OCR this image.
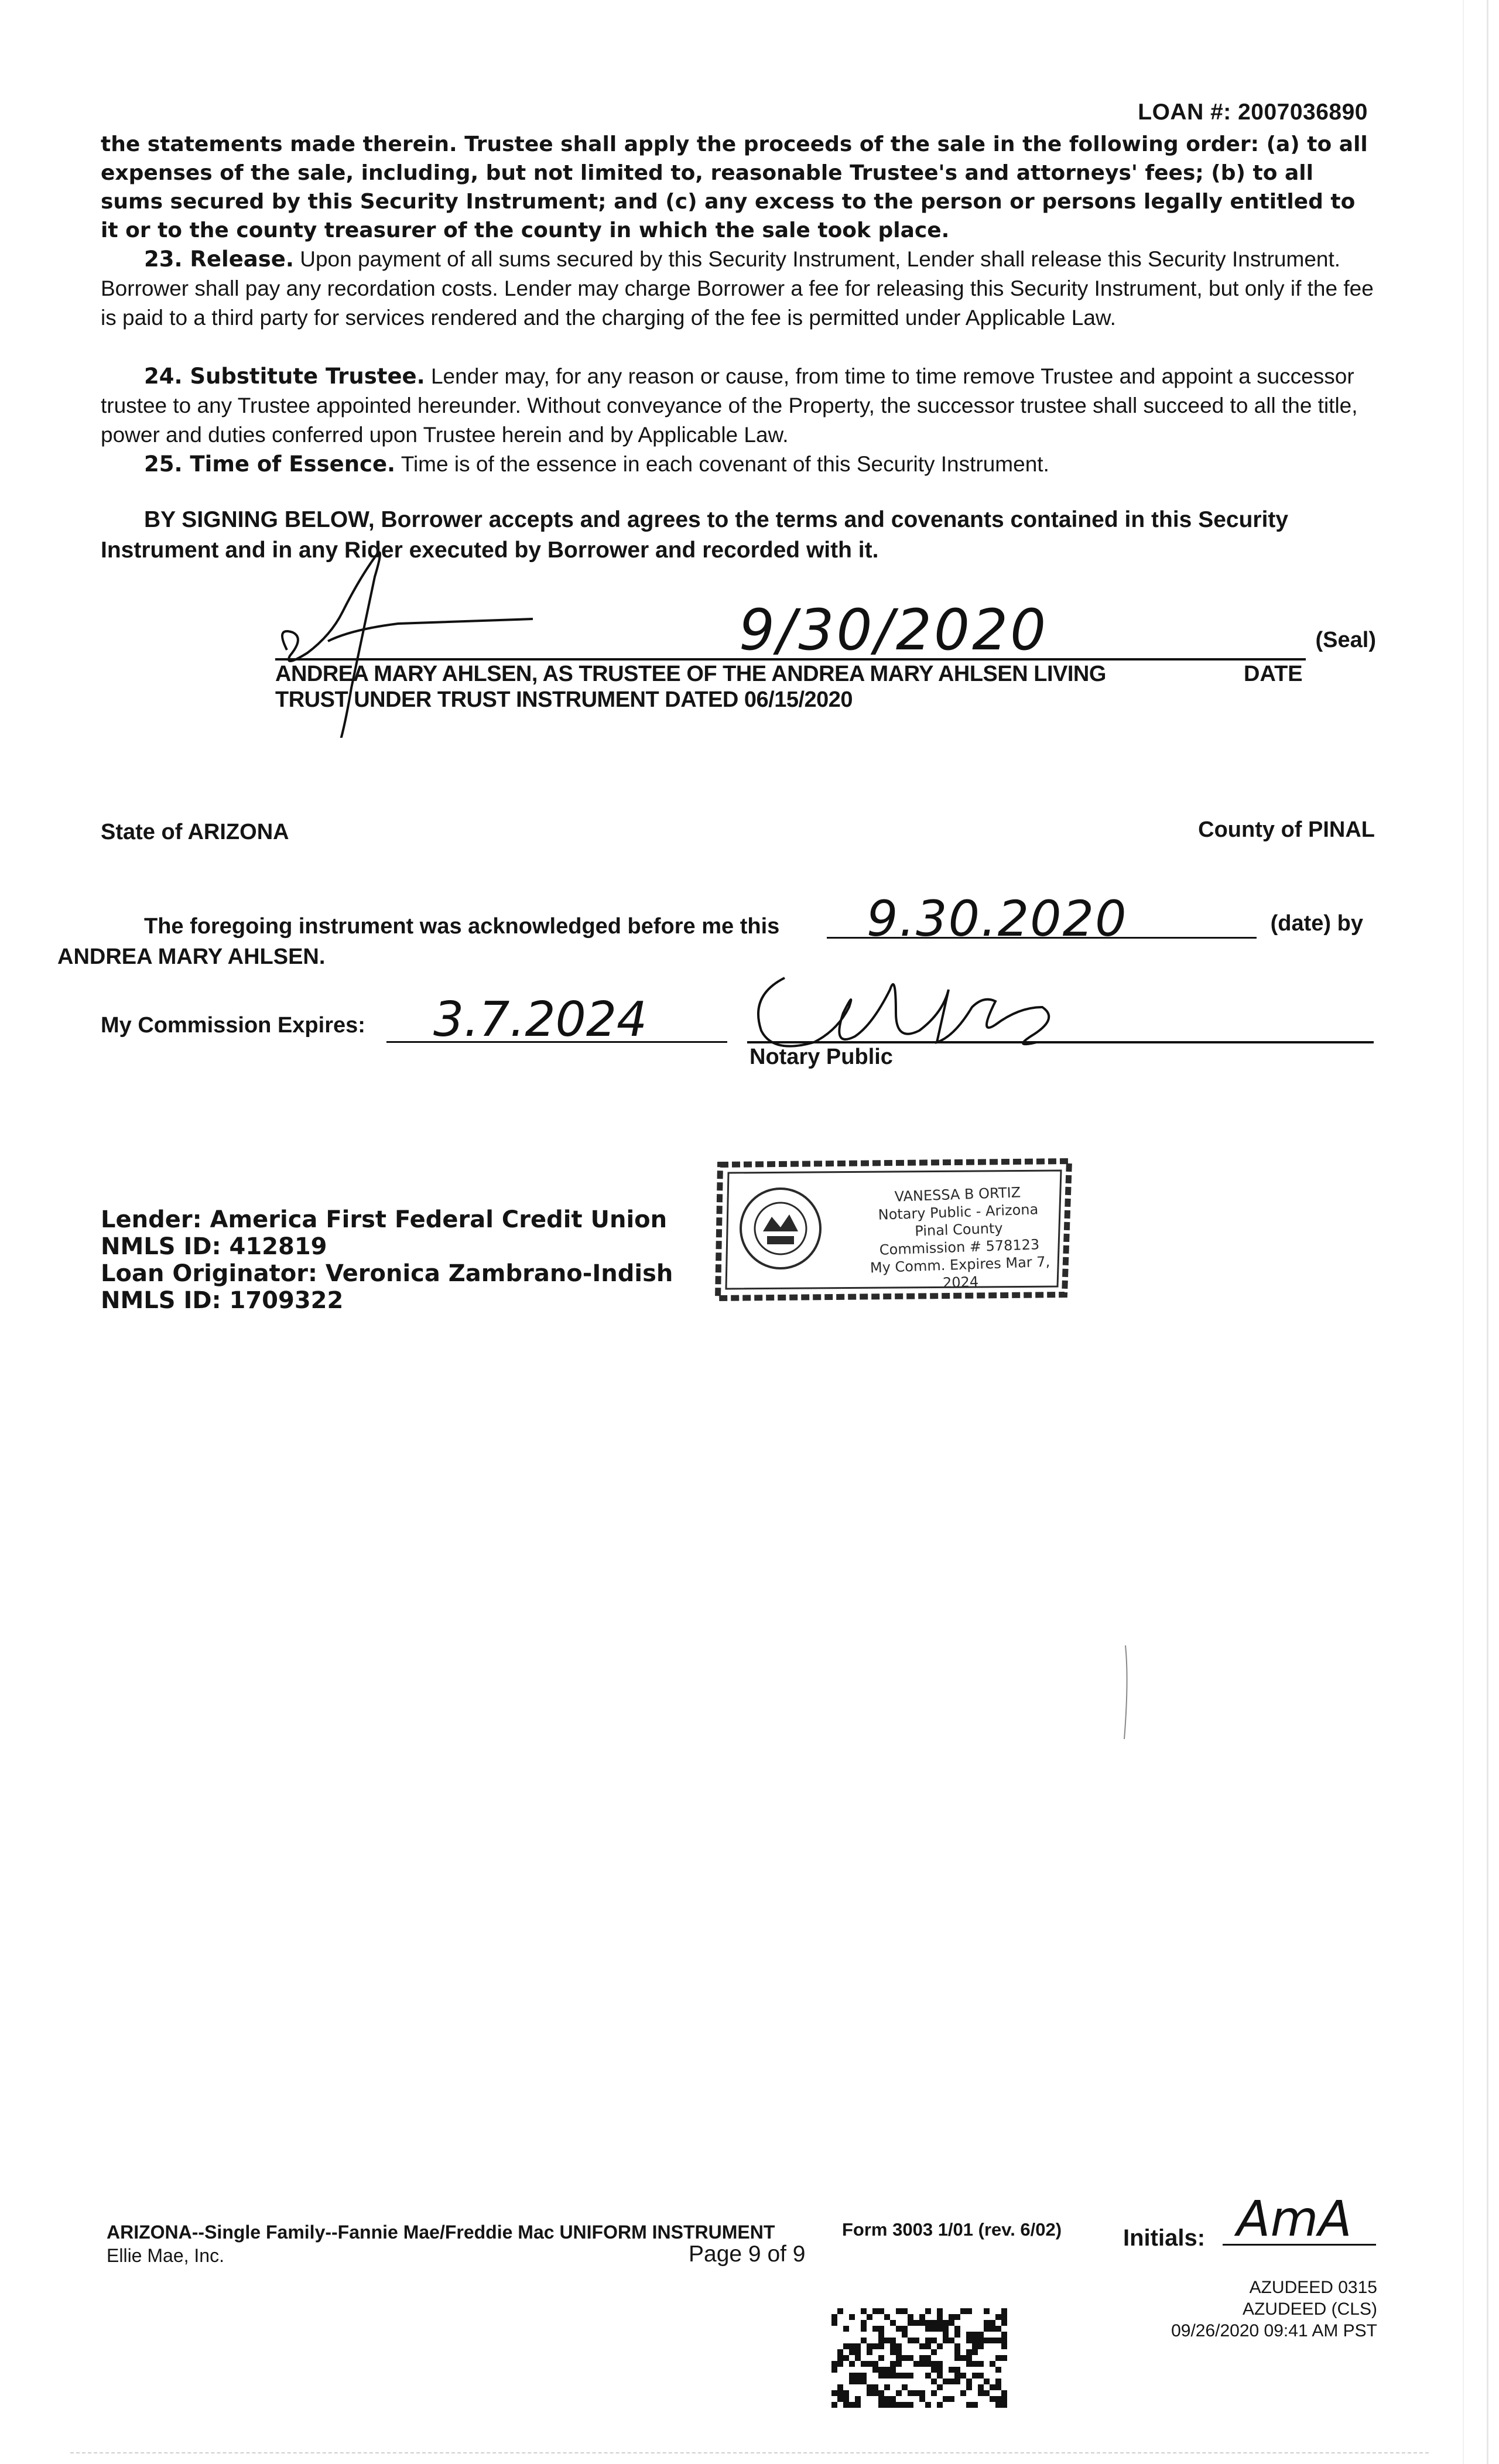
LOAN #: 2007036890
the statements made therein. Trustee shall apply the proceeds of the sale in the following order: (a) to all expenses of the sale, including, but not limited to, reasonable Trustee's and attorneys' fees; (b) to all sums secured by this Security Instrument; and (c) any excess to the person or persons legally entitled to it or to the county treasurer of the county in which the sale took place.
23. Release. Upon payment of all sums secured by this Security Instrument, Lender shall release this Security Instrument. Borrower shall pay any recordation costs. Lender may charge Borrower a fee for releasing this Security Instrument, but only if the fee is paid to a third party for services rendered and the charging of the fee is permitted under Applicable Law.
24. Substitute Trustee. Lender may, for any reason or cause, from time to time remove Trustee and appoint a successor trustee to any Trustee appointed hereunder. Without conveyance of the Property, the successor trustee shall succeed to all the title, power and duties conferred upon Trustee herein and by Applicable Law.
25. Time of Essence. Time is of the essence in each covenant of this Security Instrument.
BY SIGNING BELOW, Borrower accepts and agrees to the terms and covenants contained in this Security Instrument and in any Rider executed by Borrower and recorded with it.
9/30/2020	(Seal)
ANDREA MARY AHLSEN, AS TRUSTEE OF THE ANDREA MARY AHLSEN LIVING	DATE
TRUST UNDER TRUST INSTRUMENT DATED 06/15/2020
State of ARIZONA	County of PINAL
The foregoing instrument was acknowledged before me this
ANDREA MARY AHLSEN.
9.30.2020	(date) by
My Commission Expires: 3.7.2024
Notary Public
Lender: America First Federal Credit Union
NMLS ID: 412819
Loan Originator: Veronica Zambrano-Indish
NMLS ID: 1709322
VANESSA B ORTIZ
Notary Public - Arizona
Pinal County
Commission # 578123
My Comm. Expires Mar 7, 2024
Initials: AmA
ARIZONA--Single Family--Fannie Mae/Freddie Mac UNIFORM INSTRUMENT
Ellie Mae, Inc.
Form 3003 1/01 (rev. 6/02)
Page 9 of 9
AZUDEED 0315
AZUDEED (CLS)
09/26/2020 09:41 AM PST
